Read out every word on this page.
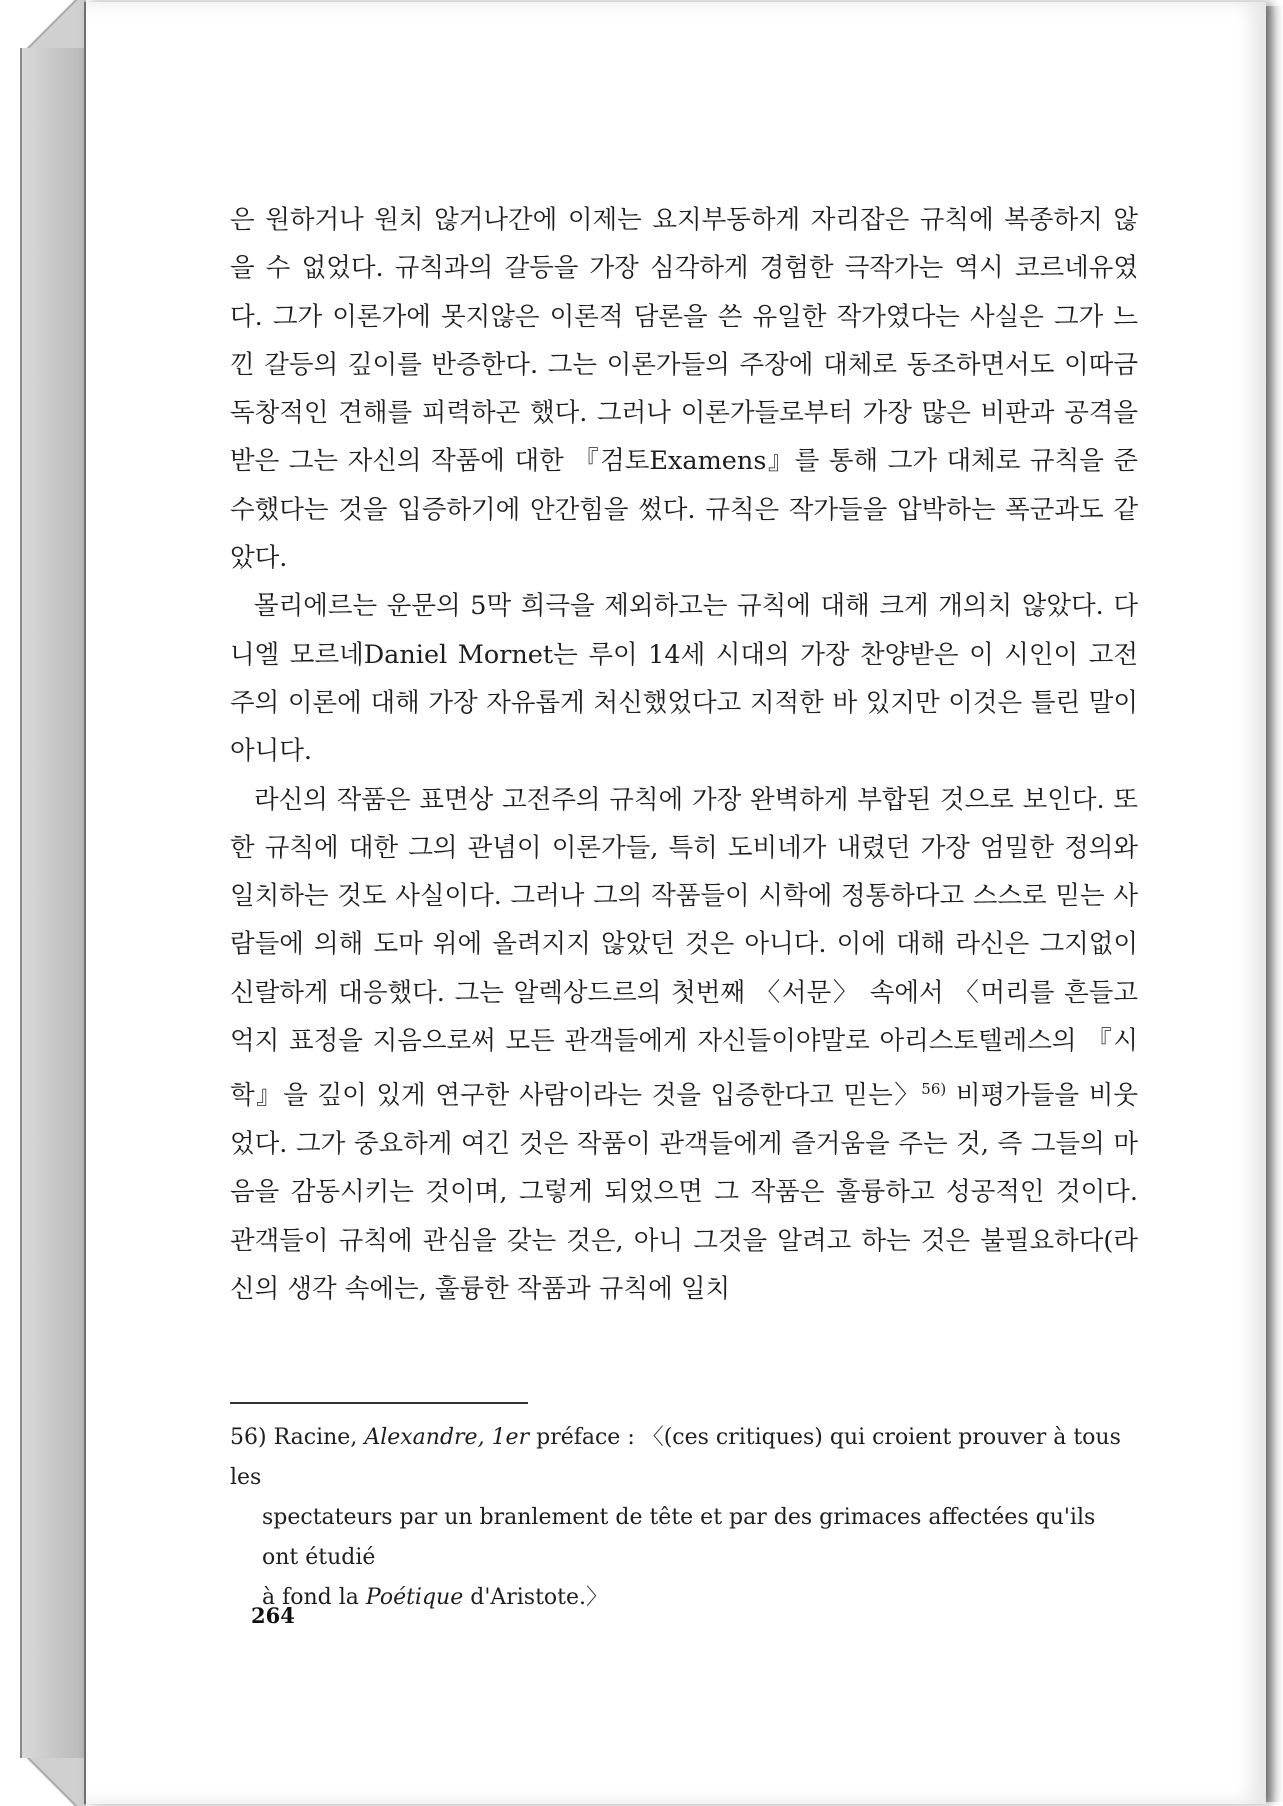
은 원하거나 원치 않거나간에 이제는 요지부동하게 자리잡은 규칙에 복종하지 않을 수 없었다. 규칙과의 갈등을 가장 심각하게 경험한 극작가는 역시 코르네유였다. 그가 이론가에 못지않은 이론적 담론을 쓴 유일한 작가였다는 사실은 그가 느낀 갈등의 깊이를 반증한다. 그는 이론가들의 주장에 대체로 동조하면서도 이따금 독창적인 견해를 피력하곤 했다. 그러나 이론가들로부터 가장 많은 비판과 공격을 받은 그는 자신의 작품에 대한 『검토Examens』를 통해 그가 대체로 규칙을 준수했다는 것을 입증하기에 안간힘을 썼다. 규칙은 작가들을 압박하는 폭군과도 같았다.

몰리에르는 운문의 5막 희극을 제외하고는 규칙에 대해 크게 개의치 않았다. 다니엘 모르네Daniel Mornet는 루이 14세 시대의 가장 찬양받은 이 시인이 고전주의 이론에 대해 가장 자유롭게 처신했었다고 지적한 바 있지만 이것은 틀린 말이 아니다.

라신의 작품은 표면상 고전주의 규칙에 가장 완벽하게 부합된 것으로 보인다. 또한 규칙에 대한 그의 관념이 이론가들, 특히 도비네가 내렸던 가장 엄밀한 정의와 일치하는 것도 사실이다. 그러나 그의 작품들이 시학에 정통하다고 스스로 믿는 사람들에 의해 도마 위에 올려지지 않았던 것은 아니다. 이에 대해 라신은 그지없이 신랄하게 대응했다. 그는 알렉상드르의 첫번째 〈서문〉 속에서 〈머리를 흔들고 억지 표정을 지음으로써 모든 관객들에게 자신들이야말로 아리스토텔레스의 『시학』을 깊이 있게 연구한 사람이라는 것을 입증한다고 믿는〉$^{56)}$ 비평가들을 비웃었다. 그가 중요하게 여긴 것은 작품이 관객들에게 즐거움을 주는 것, 즉 그들의 마음을 감동시키는 것이며, 그렇게 되었으면 그 작품은 훌륭하고 성공적인 것이다. 관객들이 규칙에 관심을 갖는 것은, 아니 그것을 알려고 하는 것은 불필요하다(라신의 생각 속에는, 훌륭한 작품과 규칙에 일치

56) Racine, Alexandre, 1er préface : 〈(ces critiques) qui croient prouver à tous les
spectateurs par un branlement de tête et par des grimaces affectées qu'ils ont étudié
à fond la Poétique d'Aristote.〉
264
